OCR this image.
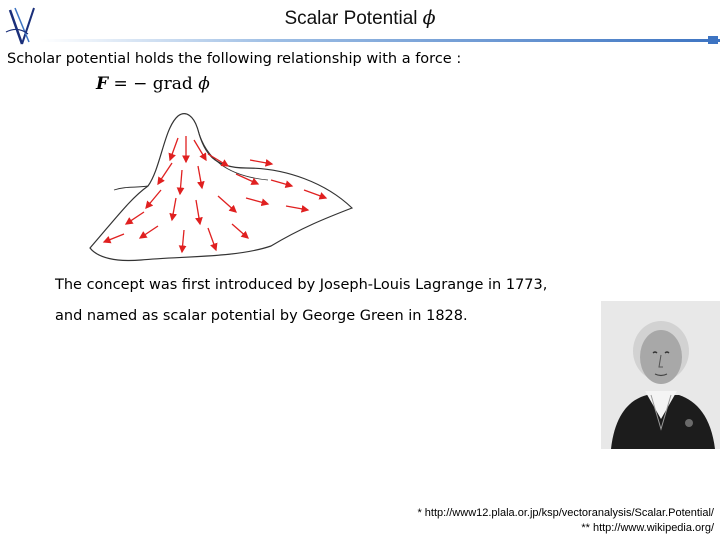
Scalar Potential ϕ
Scholar potential holds the following relationship with a force :
F = − grad ϕ
The concept was first introduced by Joseph-Louis Lagrange in 1773,
and named as scalar potential by George Green in 1828.
* http://www12.plala.or.jp/ksp/vectoranalysis/Scalar.Potential/
** http://www.wikipedia.org/
